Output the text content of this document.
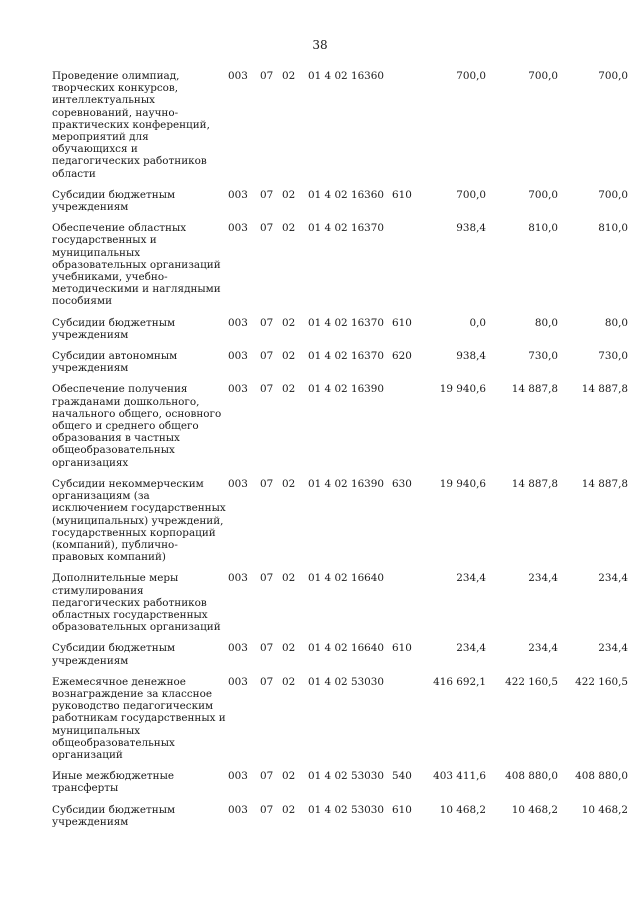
38
Проведение олимпиад, творческих конкурсов, интеллектуальных соревнований, научно-практических конференций, мероприятий для обучающихся и педагогических работников области	003	07	02	01 4 02 16360		700,0	700,0	700,0
Субсидии бюджетным учреждениям	003	07	02	01 4 02 16360	610	700,0	700,0	700,0
Обеспечение областных государственных и муниципальных образовательных организаций учебниками, учебно-методическими и наглядными пособиями	003	07	02	01 4 02 16370		938,4	810,0	810,0
Субсидии бюджетным учреждениям	003	07	02	01 4 02 16370	610	0,0	80,0	80,0
Субсидии автономным учреждениям	003	07	02	01 4 02 16370	620	938,4	730,0	730,0
Обеспечение получения гражданами дошкольного, начального общего, основного общего и среднего общего образования в частных общеобразовательных организациях	003	07	02	01 4 02 16390		19 940,6	14 887,8	14 887,8
Субсидии некоммерческим организациям (за исключением государственных (муниципальных) учреждений, государственных корпораций (компаний), публично-правовых компаний)	003	07	02	01 4 02 16390	630	19 940,6	14 887,8	14 887,8
Дополнительные меры стимулирования педагогических работников областных государственных образовательных организаций	003	07	02	01 4 02 16640		234,4	234,4	234,4
Субсидии бюджетным учреждениям	003	07	02	01 4 02 16640	610	234,4	234,4	234,4
Ежемесячное денежное вознаграждение за классное руководство педагогическим работникам государственных и муниципальных общеобразовательных организаций	003	07	02	01 4 02 53030		416 692,1	422 160,5	422 160,5
Иные межбюджетные трансферты	003	07	02	01 4 02 53030	540	403 411,6	408 880,0	408 880,0
Субсидии бюджетным учреждениям	003	07	02	01 4 02 53030	610	10 468,2	10 468,2	10 468,2
